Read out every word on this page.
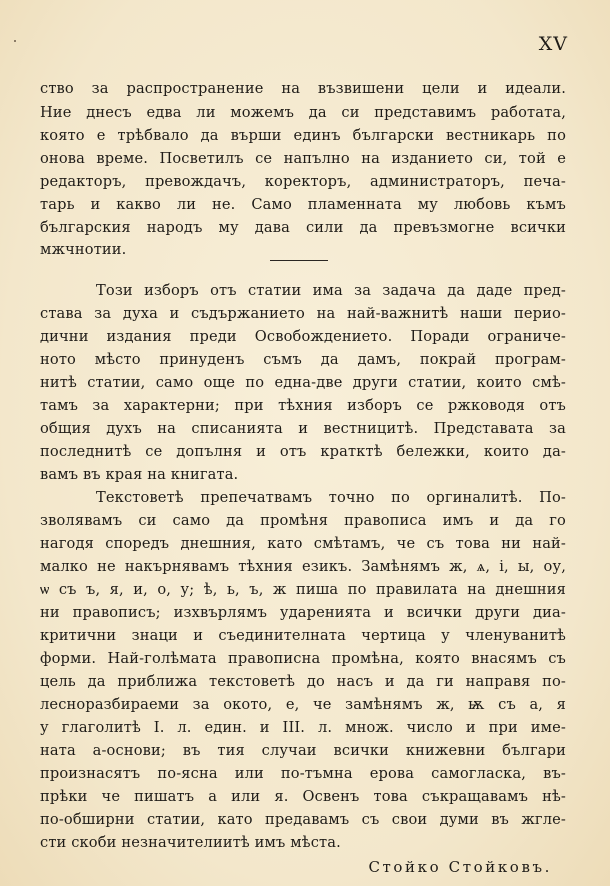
XV
ство за распространение на възвишени цели и идеали.
Ние днесъ едва ли можемъ да си представимъ работата,
която е трѣбвало да върши единъ български вестникарь по
онова време. Посветилъ се напълно на изданието си, той е
редакторъ, превождачъ, коректоръ, администраторъ, печа-
тарь и какво ли не. Само пламенната му любовь къмъ
българския народъ му дава сили да превъзмогне всички
мжчнотии.
Този изборъ отъ статии има за задача да даде пред-
става за духа и съдържанието на най-важнитѣ наши перио-
дични издания преди Освобождението. Поради ограниче-
ното мѣсто принуденъ съмъ да дамъ, покрай програм-
нитѣ статии, само още по една-две други статии, които смѣ-
тамъ за характерни; при тѣхния изборъ се ржководя отъ
общия духъ на списанията и вестницитѣ. Представата за
последнитѣ се допълня и отъ кратктѣ бележки, които да-
вамъ въ края на книгата.
Текстоветѣ препечатвамъ точно по оргиналитѣ. По-
зволявамъ си само да промѣня правописа имъ и да го
нагодя споредъ днешния, като смѣтамъ, че съ това ни най-
малко не накърнявамъ тѣхния езикъ. Замѣнямъ ж, ѧ, і, ы, оу,
ѡ съ ъ, я, и, о, у; ѣ, ь, ъ, ж пиша по правилата на днешния
ни правописъ; изхвърлямъ ударенията и всички други диа-
критични знаци и съединителната чертица у членуванитѣ
форми. Най-голѣмата правописна промѣна, която внасямъ съ
цель да приближа текстоветѣ до насъ и да ги направя по-
лесноразбираеми за окото, е, че замѣнямъ ж, ѭ съ а, я
у глаголитѣ I. л. един. и III. л. множ. число и при име-
ната а-основи; въ тия случаи всички книжевни българи
произнасятъ по-ясна или по-тъмна ерова самогласка, въ-
прѣки че пишатъ а или я. Освенъ това съкращавамъ нѣ-
по-обширни статии, като предавамъ съ свои думи въ жгле-
сти скоби незначителиитѣ имъ мѣста.
Стойко Стойковъ.
